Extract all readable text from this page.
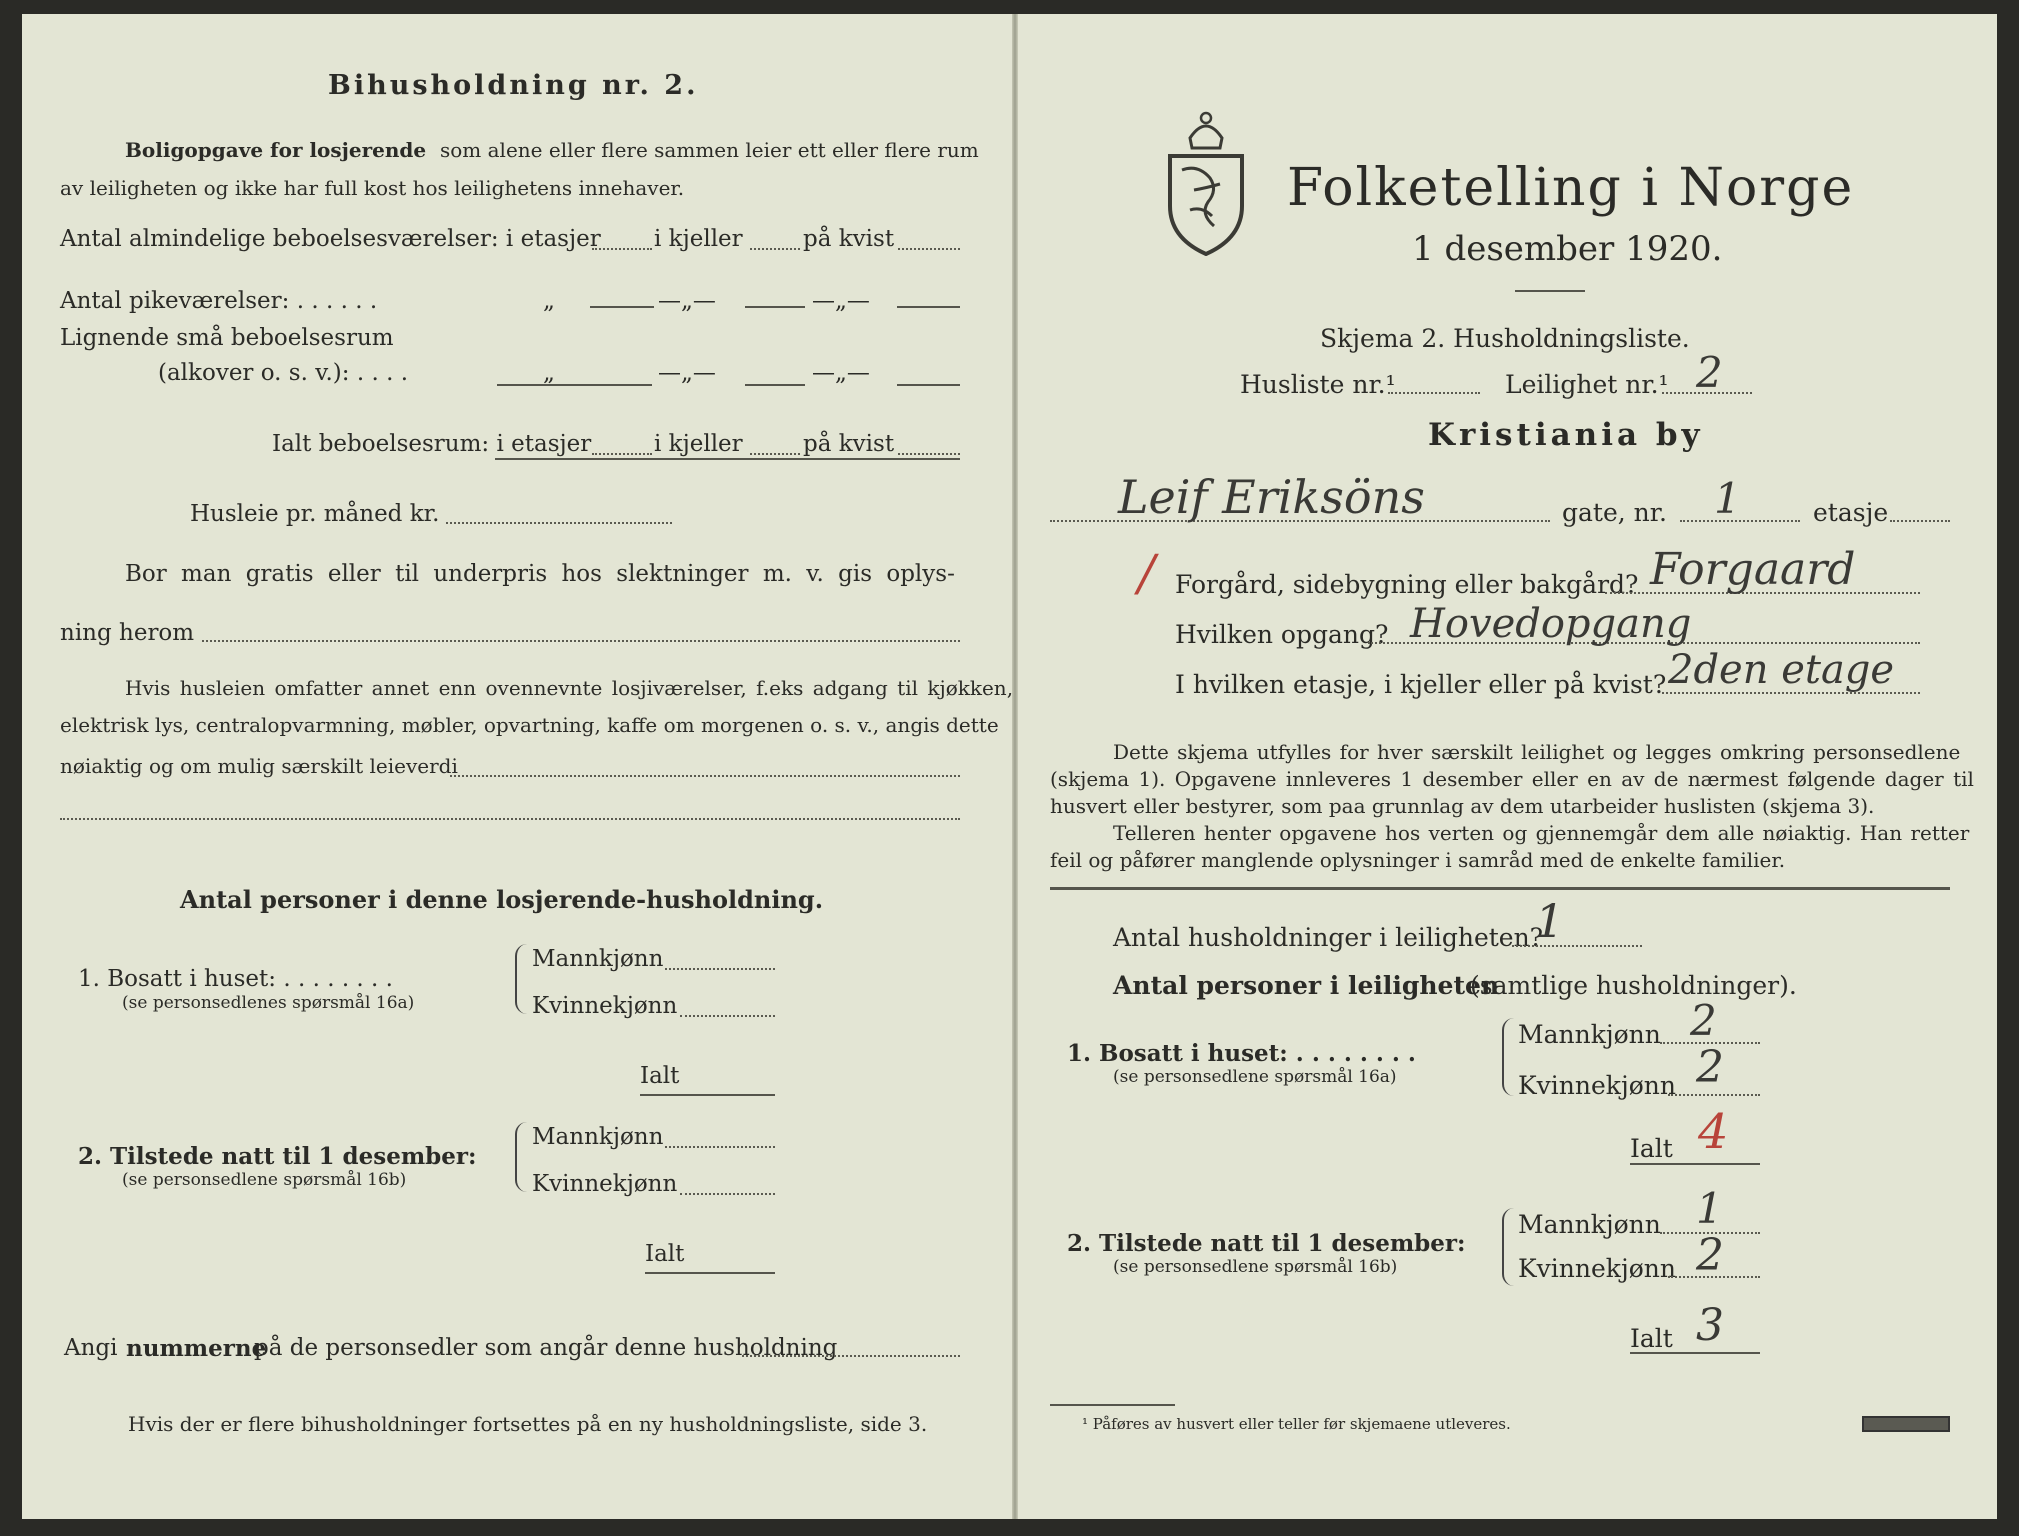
Bihusholdning nr. 2.
Boligopgave for losjerende som alene eller flere sammen leier ett eller flere rum
av leiligheten og ikke har full kost hos leilighetens innehaver.
Antal almindelige beboelsesværelser: i etasjer i kjeller	på kvist
Antal pikeværelser: . . . . . .	„	—„—	—„—
Lignende små beboelsesrum
(alkover o. s. v.): . . . .	„	—„—	—„—
Ialt beboelsesrum: i etasjer	i kjeller	på kvist
Husleie pr. måned kr.
Bor man gratis eller til underpris hos slektninger m. v. gis oplys-
ning herom
Hvis husleien omfatter annet enn ovennevnte losjiværelser, f.eks adgang til kjøkken,
elektrisk lys, centralopvarmning, møbler, opvartning, kaffe om morgenen o. s. v., angis dette
nøiaktig og om mulig særskilt leieverdi
Antal personer i denne losjerende-husholdning.
1. Bosatt i huset: . . . . . . . .
(se personsedlenes spørsmål 16a)
Mannkjønn
Kvinnekjønn
Ialt
2. Tilstede natt til 1 desember:
(se personsedlene spørsmål 16b)
Mannkjønn
Kvinnekjønn
Ialt
Angi nummerne
på de personsedler som angår denne husholdning
Hvis der er flere bihusholdninger fortsettes på en ny husholdningsliste, side 3.
Folketelling i Norge
1 desember 1920.
Skjema 2. Husholdningsliste.
Husliste nr.¹	Leilighet nr.¹ 2
Kristiania by
Leif Eriksöns	gate, nr. 1	etasje
/ Forgård, sidebygning eller bakgård? Forgaard
Hvilken opgang? Hovedopgang
I hvilken etasje, i kjeller eller på kvist? 2den etage
Dette skjema utfylles for hver særskilt leilighet og legges omkring personsedlene
(skjema 1). Opgavene innleveres 1 desember eller en av de nærmest følgende dager til
husvert eller bestyrer, som paa grunnlag av dem utarbeider huslisten (skjema 3).
Telleren henter opgavene hos verten og gjennemgår dem alle nøiaktig. Han retter
feil og påfører manglende oplysninger i samråd med de enkelte familier.
Antal husholdninger i leiligheten?
1
Antal personer i leiligheten
(samtlige husholdninger).
1. Bosatt i huset: . . . . . . . .
(se personsedlene spørsmål 16a)
Mannkjønn 2
Kvinnekjønn 2
Ialt 4
2. Tilstede natt til 1 desember:
(se personsedlene spørsmål 16b)
Mannkjønn 1
Kvinnekjønn 2
Ialt 3
¹ Påføres av husvert eller teller før skjemaene utleveres.
